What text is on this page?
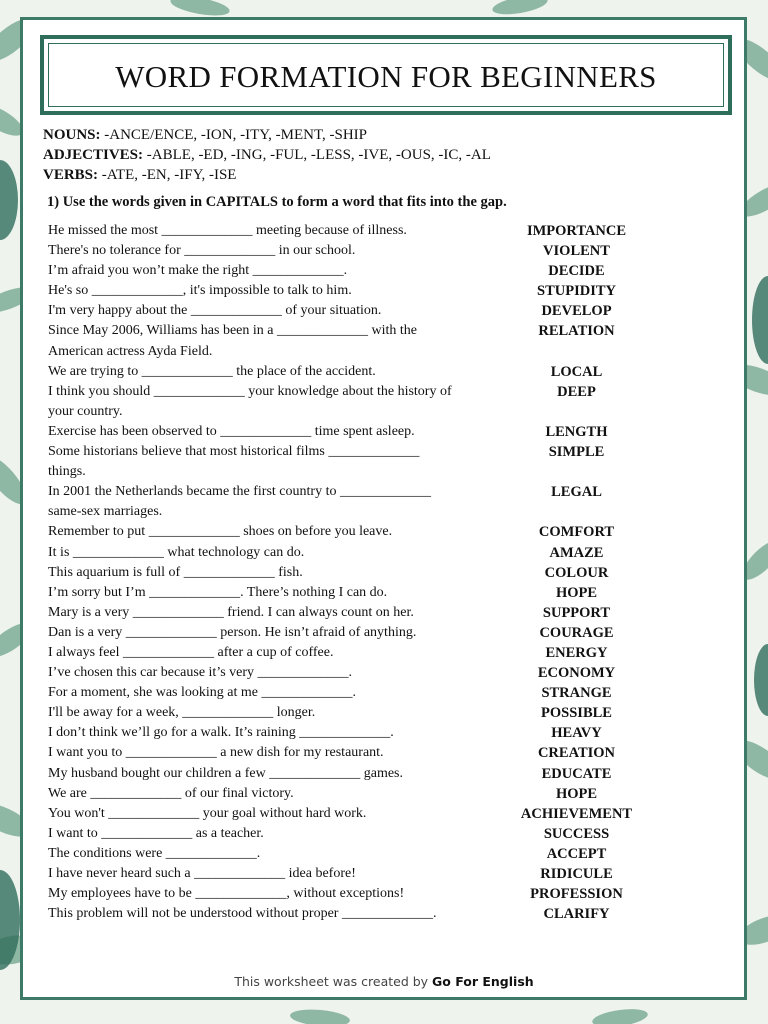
WORD FORMATION FOR BEGINNERS
NOUNS: -ANCE/ENCE, -ION, -ITY, -MENT, -SHIP
ADJECTIVES: -ABLE, -ED, -ING, -FUL, -LESS, -IVE, -OUS, -IC, -AL
VERBS: -ATE, -EN, -IFY, -ISE
1) Use the words given in CAPITALS to form a word that fits into the gap.
He missed the most _____________ meeting because of illness.	IMPORTANCE
There's no tolerance for _____________ in our school.	VIOLENT
I’m afraid you won’t make the right _____________.	DECIDE
He's so _____________, it's impossible to talk to him.	STUPIDITY
I'm very happy about the _____________ of your situation.	DEVELOP
Since May 2006, Williams has been in a _____________ with the	RELATION
American actress Ayda Field.
We are trying to _____________ the place of the accident.	LOCAL
I think you should _____________ your knowledge about the history of	DEEP
your country.
Exercise has been observed to _____________ time spent asleep.	LENGTH
Some historians believe that most historical films _____________	SIMPLE
things.
In 2001 the Netherlands became the first country to _____________	LEGAL
same-sex marriages.
Remember to put _____________ shoes on before you leave.	COMFORT
It is _____________ what technology can do.	AMAZE
This aquarium is full of _____________ fish.	COLOUR
I’m sorry but I’m _____________. There’s nothing I can do.	HOPE
Mary is a very _____________ friend. I can always count on her.	SUPPORT
Dan is a very _____________ person. He isn’t afraid of anything.	COURAGE
I always feel _____________ after a cup of coffee.	ENERGY
I’ve chosen this car because it’s very _____________.	ECONOMY
For a moment, she was looking at me _____________.	STRANGE
I'll be away for a week, _____________ longer.	POSSIBLE
I don’t think we’ll go for a walk. It’s raining _____________.	HEAVY
I want you to _____________ a new dish for my restaurant.	CREATION
My husband bought our children a few _____________ games.	EDUCATE
We are _____________ of our final victory.	HOPE
You won't _____________ your goal without hard work.	ACHIEVEMENT
I want to _____________ as a teacher.	SUCCESS
The conditions were _____________.	ACCEPT
I have never heard such a _____________ idea before!	RIDICULE
My employees have to be _____________, without exceptions!	PROFESSION
This problem will not be understood without proper _____________.	CLARIFY
This worksheet was created by Go For English
